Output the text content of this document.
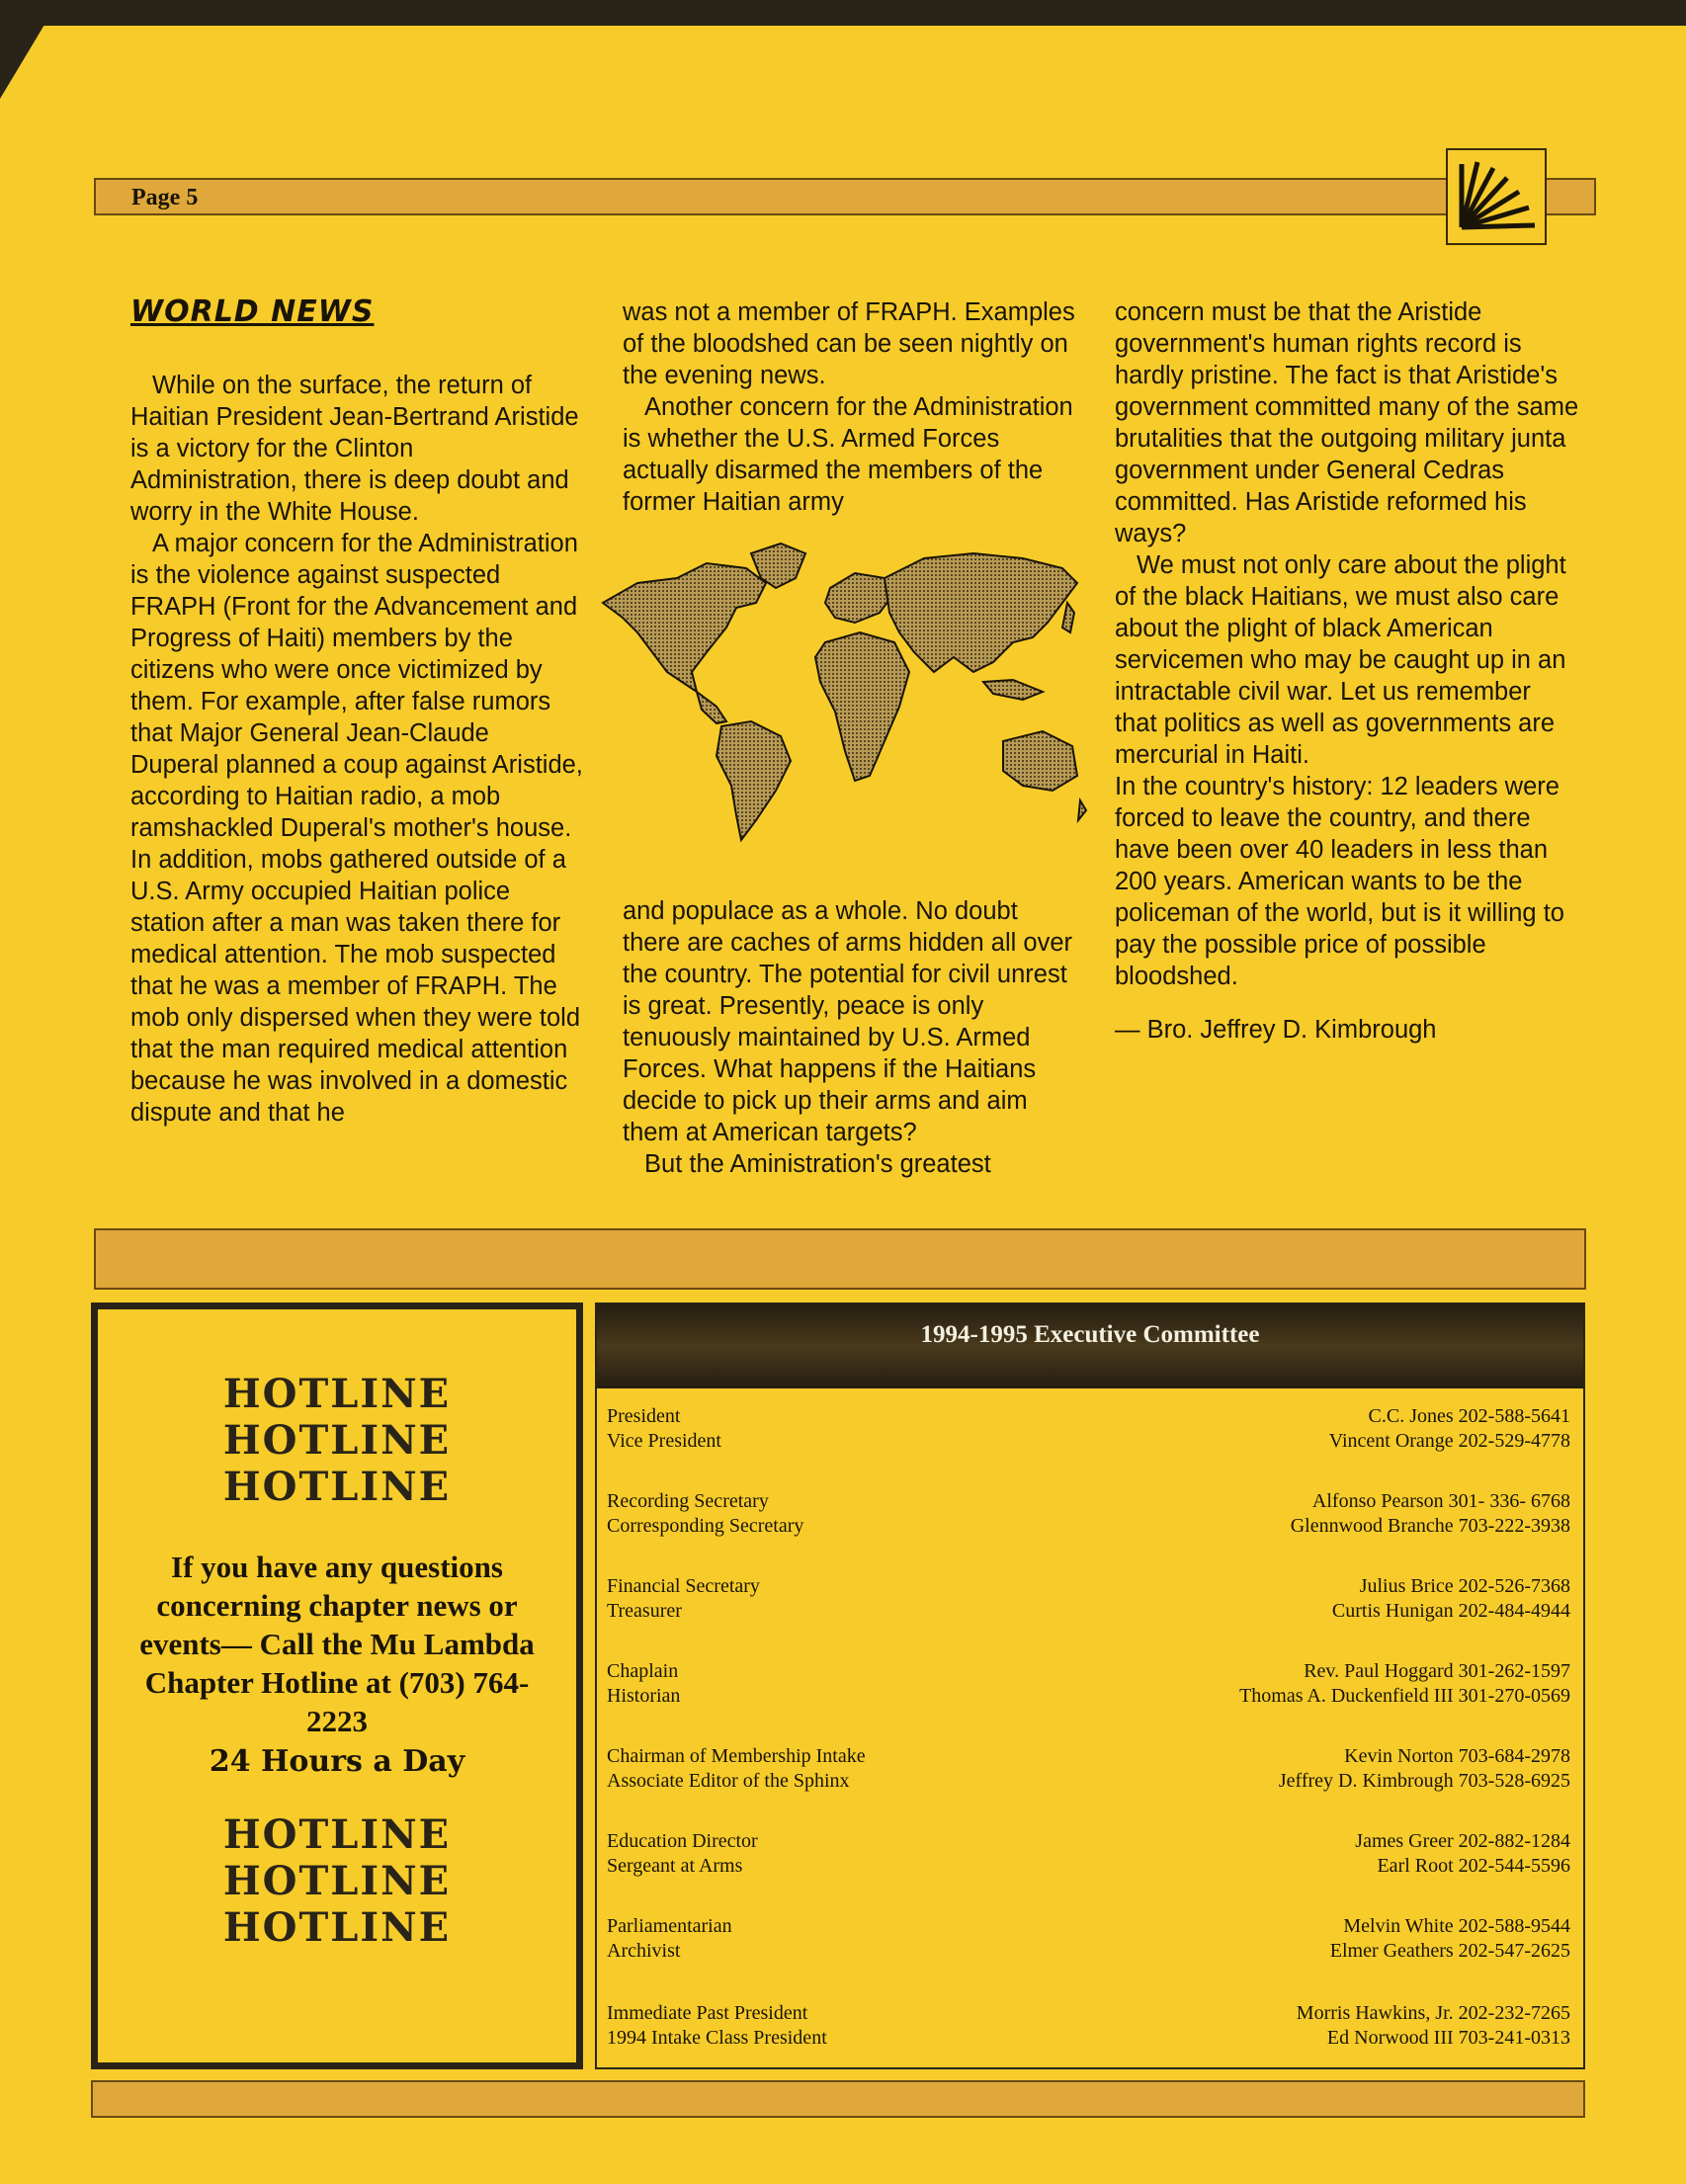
Page 5
WORLD NEWS

While on the surface, the return of Haitian President Jean-Bertrand Aristide is a victory for the Clinton Administration, there is deep doubt and worry in the White House.

A major concern for the Administration is the violence against suspected FRAPH (Front for the Advancement and Progress of Haiti) members by the citizens who were once victimized by them. For example, after false rumors that Major General Jean-Claude Duperal planned a coup against Aristide, according to Haitian radio, a mob ramshackled Duperal's mother's house. In addition, mobs gathered outside of a U.S. Army occupied Haitian police station after a man was taken there for medical attention. The mob suspected that he was a member of FRAPH. The mob only dispersed when they were told that the man required medical attention because he was involved in a domestic dispute and that he

was not a member of FRAPH. Examples of the bloodshed can be seen nightly on the evening news.

Another concern for the Administration is whether the U.S. Armed Forces actually disarmed the members of the former Haitian army

and populace as a whole. No doubt there are caches of arms hidden all over the country. The potential for civil unrest is great. Presently, peace is only tenuously maintained by U.S. Armed Forces. What happens if the Haitians decide to pick up their arms and aim them at American targets?

But the Aministration's greatest

concern must be that the Aristide government's human rights record is hardly pristine. The fact is that Aristide's government committed many of the same brutalities that the outgoing military junta government under General Cedras committed. Has Aristide reformed his ways?

We must not only care about the plight of the black Haitians, we must also care about the plight of black American servicemen who may be caught up in an intractable civil war. Let us remember that politics as well as governments are mercurial in Haiti.

In the country's history: 12 leaders were forced to leave the country, and there have been over 40 leaders in less than 200 years. American wants to be the policeman of the world, but is it willing to pay the possible price of possible bloodshed.

— Bro. Jeffrey D. Kimbrough

HOTLINE
HOTLINE
HOTLINE
If you have any questions concerning chapter news or events— Call the Mu Lambda Chapter Hotline at (703) 764-2223
24 Hours a Day
HOTLINE
HOTLINE
HOTLINE
1994-1995 Executive Committee
President
Vice President
C.C. Jones 202-588-5641
Vincent Orange 202-529-4778
Recording Secretary
Corresponding Secretary
Alfonso Pearson 301- 336- 6768
Glennwood Branche 703-222-3938
Financial Secretary
Treasurer
Julius Brice 202-526-7368
Curtis Hunigan 202-484-4944
Chaplain
Historian
Rev. Paul Hoggard 301-262-1597
Thomas A. Duckenfield III 301-270-0569
Chairman of Membership Intake
Associate Editor of the Sphinx
Kevin Norton 703-684-2978
Jeffrey D. Kimbrough 703-528-6925
Education Director
Sergeant at Arms
James Greer 202-882-1284
Earl Root 202-544-5596
Parliamentarian
Archivist
Melvin White 202-588-9544
Elmer Geathers 202-547-2625
Immediate Past President
1994 Intake Class President
Morris Hawkins, Jr. 202-232-7265
Ed Norwood III 703-241-0313
